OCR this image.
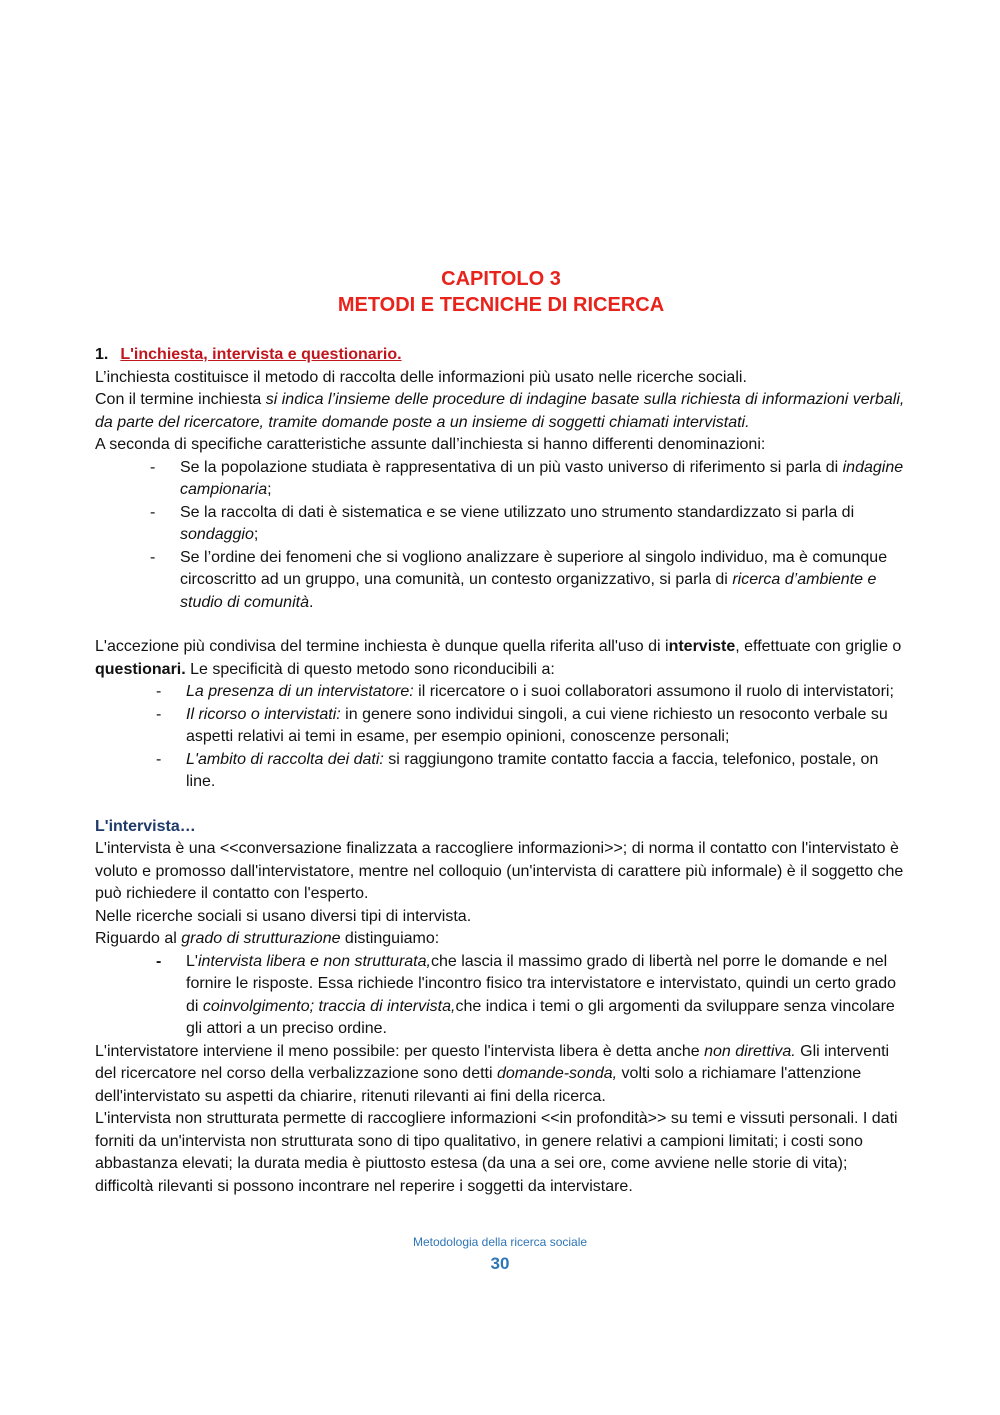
CAPITOLO 3
METODI E TECNICHE DI RICERCA

1. L'inchiesta, intervista e questionario.

L’inchiesta costituisce il metodo di raccolta delle informazioni più usato nelle ricerche sociali.

Con il termine inchiesta si indica l’insieme delle procedure di indagine basate sulla richiesta di informazioni verbali, da parte del ricercatore, tramite domande poste a un insieme di soggetti chiamati intervistati.

A seconda di specifiche caratteristiche assunte dall’inchiesta si hanno differenti denominazioni:

- Se la popolazione studiata è rappresentativa di un più vasto universo di riferimento si parla di indagine campionaria;
- Se la raccolta di dati è sistematica e se viene utilizzato uno strumento standardizzato si parla di sondaggio;
- Se l’ordine dei fenomeni che si vogliono analizzare è superiore al singolo individuo, ma è comunque circoscritto ad un gruppo, una comunità, un contesto organizzativo, si parla di ricerca d’ambiente e studio di comunità.

L'accezione più condivisa del termine inchiesta è dunque quella riferita all'uso di interviste, effettuate con griglie o questionari. Le specificità di questo metodo sono riconducibili a:

- La presenza di un intervistatore: il ricercatore o i suoi collaboratori assumono il ruolo di intervistatori;
- Il ricorso o intervistati: in genere sono individui singoli, a cui viene richiesto un resoconto verbale su aspetti relativi ai temi in esame, per esempio opinioni, conoscenze personali;
- L'ambito di raccolta dei dati: si raggiungono tramite contatto faccia a faccia, telefonico, postale, on line.

L'intervista…

L'intervista è una <<conversazione finalizzata a raccogliere informazioni>>; di norma il contatto con l'intervistato è voluto e promosso dall'intervistatore, mentre nel colloquio (un'intervista di carattere più informale) è il soggetto che può richiedere il contatto con l'esperto.

Nelle ricerche sociali si usano diversi tipi di intervista.

Riguardo al grado di strutturazione distinguiamo:

- L'intervista libera e non strutturata,che lascia il massimo grado di libertà nel porre le domande e nel fornire le risposte. Essa richiede l'incontro fisico tra intervistatore e intervistato, quindi un certo grado di coinvolgimento; traccia di intervista,che indica i temi o gli argomenti da sviluppare senza vincolare gli attori a un preciso ordine.

L'intervistatore interviene il meno possibile: per questo l'intervista libera è detta anche non direttiva. Gli interventi del ricercatore nel corso della verbalizzazione sono detti domande-sonda, volti solo a richiamare l'attenzione dell'intervistato su aspetti da chiarire, ritenuti rilevanti ai fini della ricerca.

L'intervista non strutturata permette di raccogliere informazioni <<in profondità>> su temi e vissuti personali. I dati forniti da un'intervista non strutturata sono di tipo qualitativo, in genere relativi a campioni limitati; i costi sono abbastanza elevati; la durata media è piuttosto estesa (da una a sei ore, come avviene nelle storie di vita); difficoltà rilevanti si possono incontrare nel reperire i soggetti da intervistare.

Metodologia della ricerca sociale
30
